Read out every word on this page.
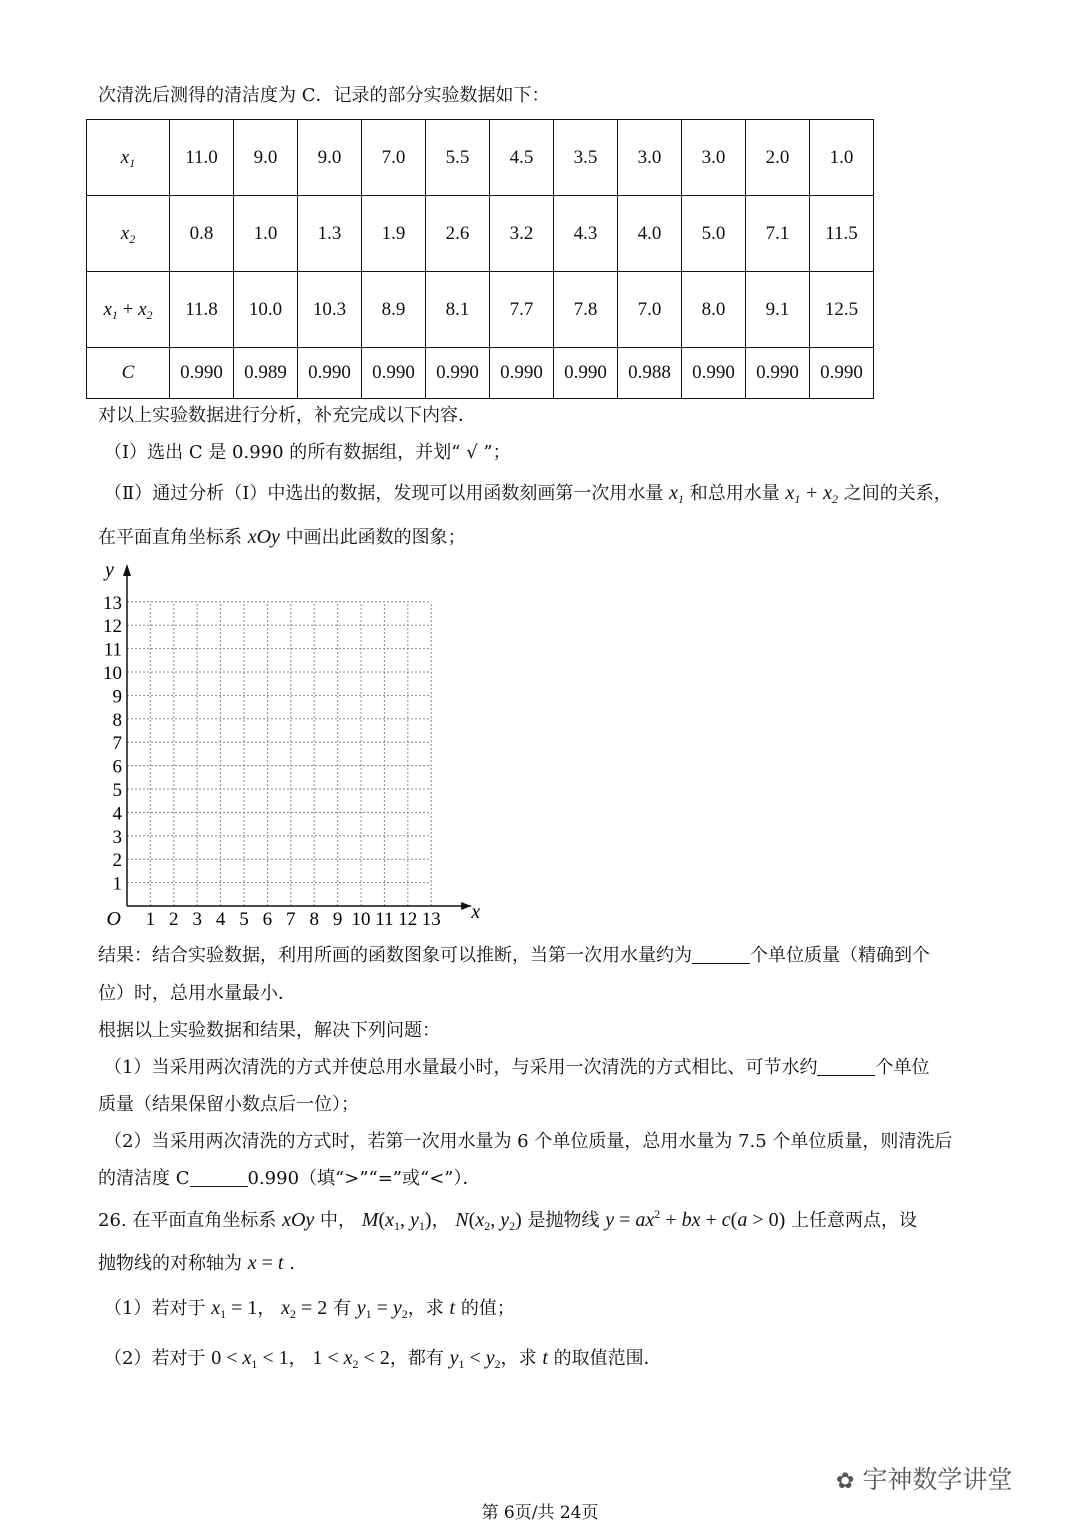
次清洗后测得的清洁度为 C．记录的部分实验数据如下：
$x_1$	11.0	9.0	9.0	7.0	5.5	4.5	3.5	3.0	3.0	2.0	1.0
$x_2$	0.8	1.0	1.3	1.9	2.6	3.2	4.3	4.0	5.0	7.1	11.5
$x_1 + x_2$	11.8	10.0	10.3	8.9	8.1	7.7	7.8	7.0	8.0	9.1	12.5
C	0.990	0.989	0.990	0.990	0.990	0.990	0.990	0.988	0.990	0.990	0.990
对以上实验数据进行分析，补充完成以下内容．
（Ⅰ）选出 C 是 0.990 的所有数据组，并划“ √ ”；
（Ⅱ）通过分析（Ⅰ）中选出的数据，发现可以用函数刻画第一次用水量 $x_1$ 和总用水量 $x_1 + x_2$ 之间的关系，
在平面直角坐标系 xOy 中画出此函数的图象；
1 2 3 4 5 6 7 8 9 10 11 12 13
1
2
3
4
5
6
7
8
9
10
11
12
13
O	x
y
结果：结合实验数据，利用所画的函数图象可以推断，当第一次用水量约为	个单位质量（精确到个
位）时，总用水量最小．
根据以上实验数据和结果，解决下列问题：
（1）当采用两次清洗的方式并使总用水量最小时，与采用一次清洗的方式相比、可节水约	个单位
质量（结果保留小数点后一位）；
（2）当采用两次清洗的方式时，若第一次用水量为 6 个单位质量，总用水量为 7.5 个单位质量，则清洗后
的清洁度 C	0.990（填“>”“=”或“<”）．
26. 在平面直角坐标系 xOy 中， $M(x_1$, $y_1$)， $N(x_2$, $y_2$) 是抛物线 $y = ax^2$ + bx + c(a > 0) 上任意两点，设
抛物线的对称轴为 x = t .
（1）若对于 $x_1 = 1$， $x_2 = 2$ 有 $y_1 = y_2$，求 t 的值；
（2）若对于 $0 < x_1 < 1$， $1 < x_2 < 2$，都有 $y_1 < y_2$，求 t 的取值范围．
✿ 宇神数学讲堂
第 6页/共 24页
